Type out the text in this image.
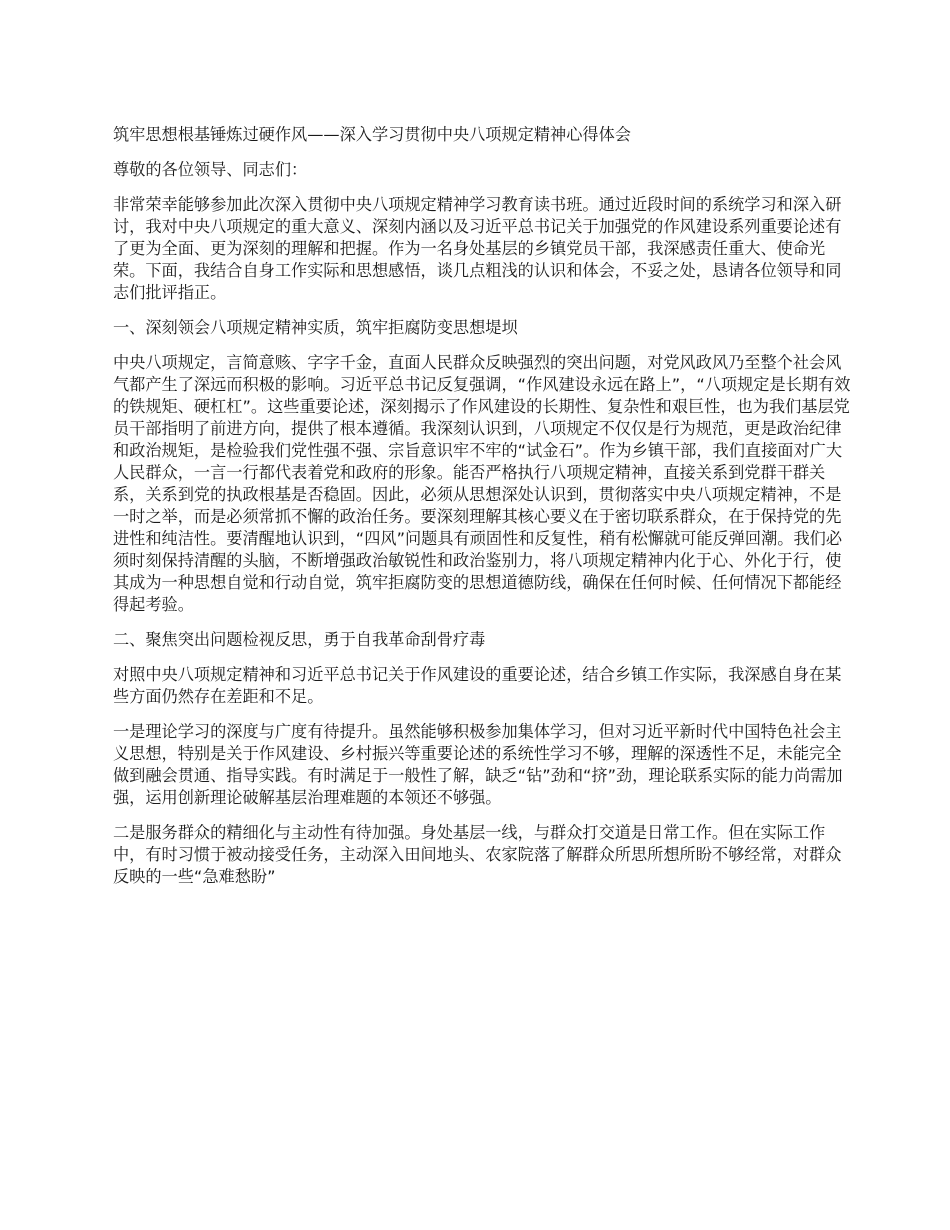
筑牢思想根基锤炼过硬作风——深入学习贯彻中央八项规定精神心得体会

尊敬的各位领导、同志们：

非常荣幸能够参加此次深入贯彻中央八项规定精神学习教育读书班。通过近段时间的系统学习和深入研讨，我对中央八项规定的重大意义、深刻内涵以及习近平总书记关于加强党的作风建设系列重要论述有了更为全面、更为深刻的理解和把握。作为一名身处基层的乡镇党员干部，我深感责任重大、使命光荣。下面，我结合自身工作实际和思想感悟，谈几点粗浅的认识和体会，不妥之处，恳请各位领导和同志们批评指正。

一、深刻领会八项规定精神实质，筑牢拒腐防变思想堤坝

中央八项规定，言简意赅、字字千金，直面人民群众反映强烈的突出问题，对党风政风乃至整个社会风气都产生了深远而积极的影响。习近平总书记反复强调，“作风建设永远在路上”，“八项规定是长期有效的铁规矩、硬杠杠”。这些重要论述，深刻揭示了作风建设的长期性、复杂性和艰巨性，也为我们基层党员干部指明了前进方向，提供了根本遵循。我深刻认识到，八项规定不仅仅是行为规范，更是政治纪律和政治规矩，是检验我们党性强不强、宗旨意识牢不牢的“试金石”。作为乡镇干部，我们直接面对广大人民群众，一言一行都代表着党和政府的形象。能否严格执行八项规定精神，直接关系到党群干群关系，关系到党的执政根基是否稳固。因此，必须从思想深处认识到，贯彻落实中央八项规定精神，不是一时之举，而是必须常抓不懈的政治任务。要深刻理解其核心要义在于密切联系群众，在于保持党的先进性和纯洁性。要清醒地认识到，“四风”问题具有顽固性和反复性，稍有松懈就可能反弹回潮。我们必须时刻保持清醒的头脑，不断增强政治敏锐性和政治鉴别力，将八项规定精神内化于心、外化于行，使其成为一种思想自觉和行动自觉，筑牢拒腐防变的思想道德防线，确保在任何时候、任何情况下都能经得起考验。

二、聚焦突出问题检视反思，勇于自我革命刮骨疗毒

对照中央八项规定精神和习近平总书记关于作风建设的重要论述，结合乡镇工作实际，我深感自身在某些方面仍然存在差距和不足。

一是理论学习的深度与广度有待提升。虽然能够积极参加集体学习，但对习近平新时代中国特色社会主义思想，特别是关于作风建设、乡村振兴等重要论述的系统性学习不够，理解的深透性不足，未能完全做到融会贯通、指导实践。有时满足于一般性了解，缺乏“钻”劲和“挤”劲，理论联系实际的能力尚需加强，运用创新理论破解基层治理难题的本领还不够强。

二是服务群众的精细化与主动性有待加强。身处基层一线，与群众打交道是日常工作。但在实际工作中，有时习惯于被动接受任务，主动深入田间地头、农家院落了解群众所思所想所盼不够经常，对群众反映的一些“急难愁盼”
